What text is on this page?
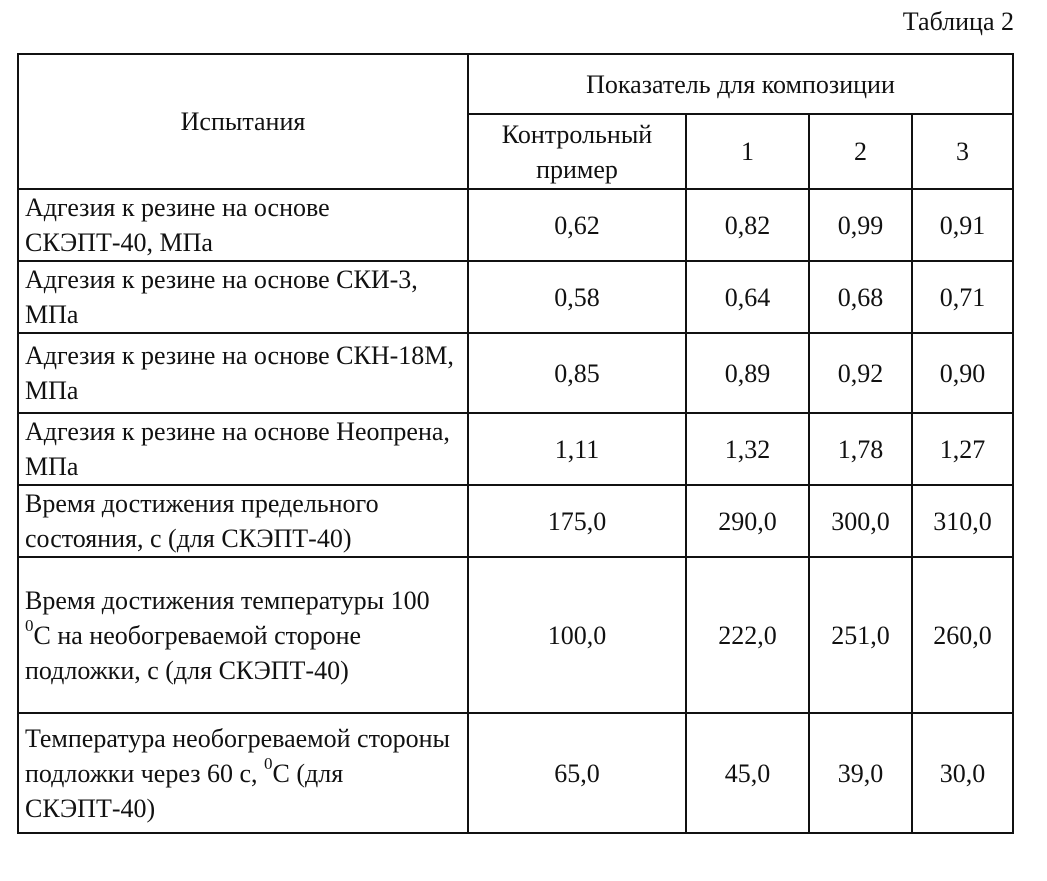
Таблица 2
Испытания	Показатель для композиции			
	Контрольный пример	1	2	3
Адгезия к резине на основе СКЭПТ-40, МПа	0,62	0,82	0,99	0,91
Адгезия к резине на основе СКИ-3, МПа	0,58	0,64	0,68	0,71
Адгезия к резине на основе СКН-18М, МПа	0,85	0,89	0,92	0,90
Адгезия к резине на основе Неопрена, МПа	1,11	1,32	1,78	1,27
Время достижения предельного состояния, с (для СКЭПТ-40)	175,0	290,0	300,0	310,0
Время достижения температуры 100 $^0$С на необогреваемой стороне подложки, с (для СКЭПТ-40)	100,0	222,0	251,0	260,0
Температура необогреваемой стороны подложки через 60 с, $^0$С (для СКЭПТ-40)	65,0	45,0	39,0	30,0
